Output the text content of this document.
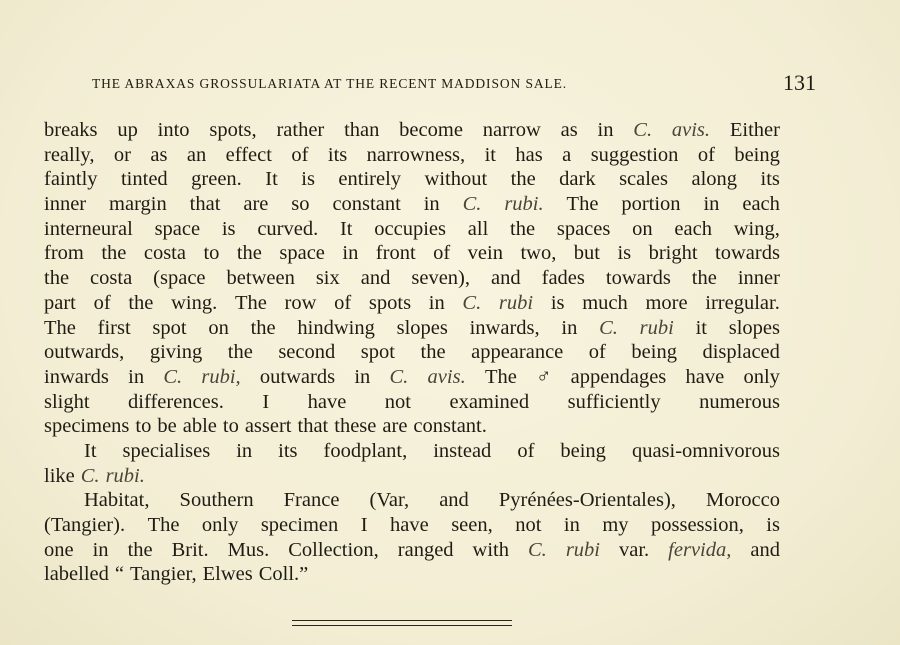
THE ABRAXAS GROSSULARIATA AT THE RECENT MADDISON SALE.	131
breaks up into spots, rather than become narrow as in C. avis. Either
really, or as an effect of its narrowness, it has a suggestion of being
faintly tinted green. It is entirely without the dark scales along its
inner margin that are so constant in C. rubi. The portion in each
interneural space is curved. It occupies all the spaces on each wing,
from the costa to the space in front of vein two, but is bright towards
the costa (space between six and seven), and fades towards the inner
part of the wing. The row of spots in C. rubi is much more irregular.
The first spot on the hindwing slopes inwards, in C. rubi it slopes
outwards, giving the second spot the appearance of being displaced
inwards in C. rubi, outwards in C. avis. The ♂ appendages have only
slight differences. I have not examined sufficiently numerous
specimens to be able to assert that these are constant.
It specialises in its foodplant, instead of being quasi-omnivorous
like C. rubi.
Habitat, Southern France (Var, and Pyrénées-Orientales), Morocco
(Tangier). The only specimen I have seen, not in my possession, is
one in the Brit. Mus. Collection, ranged with C. rubi var. fervida, and
labelled “ Tangier, Elwes Coll.”
